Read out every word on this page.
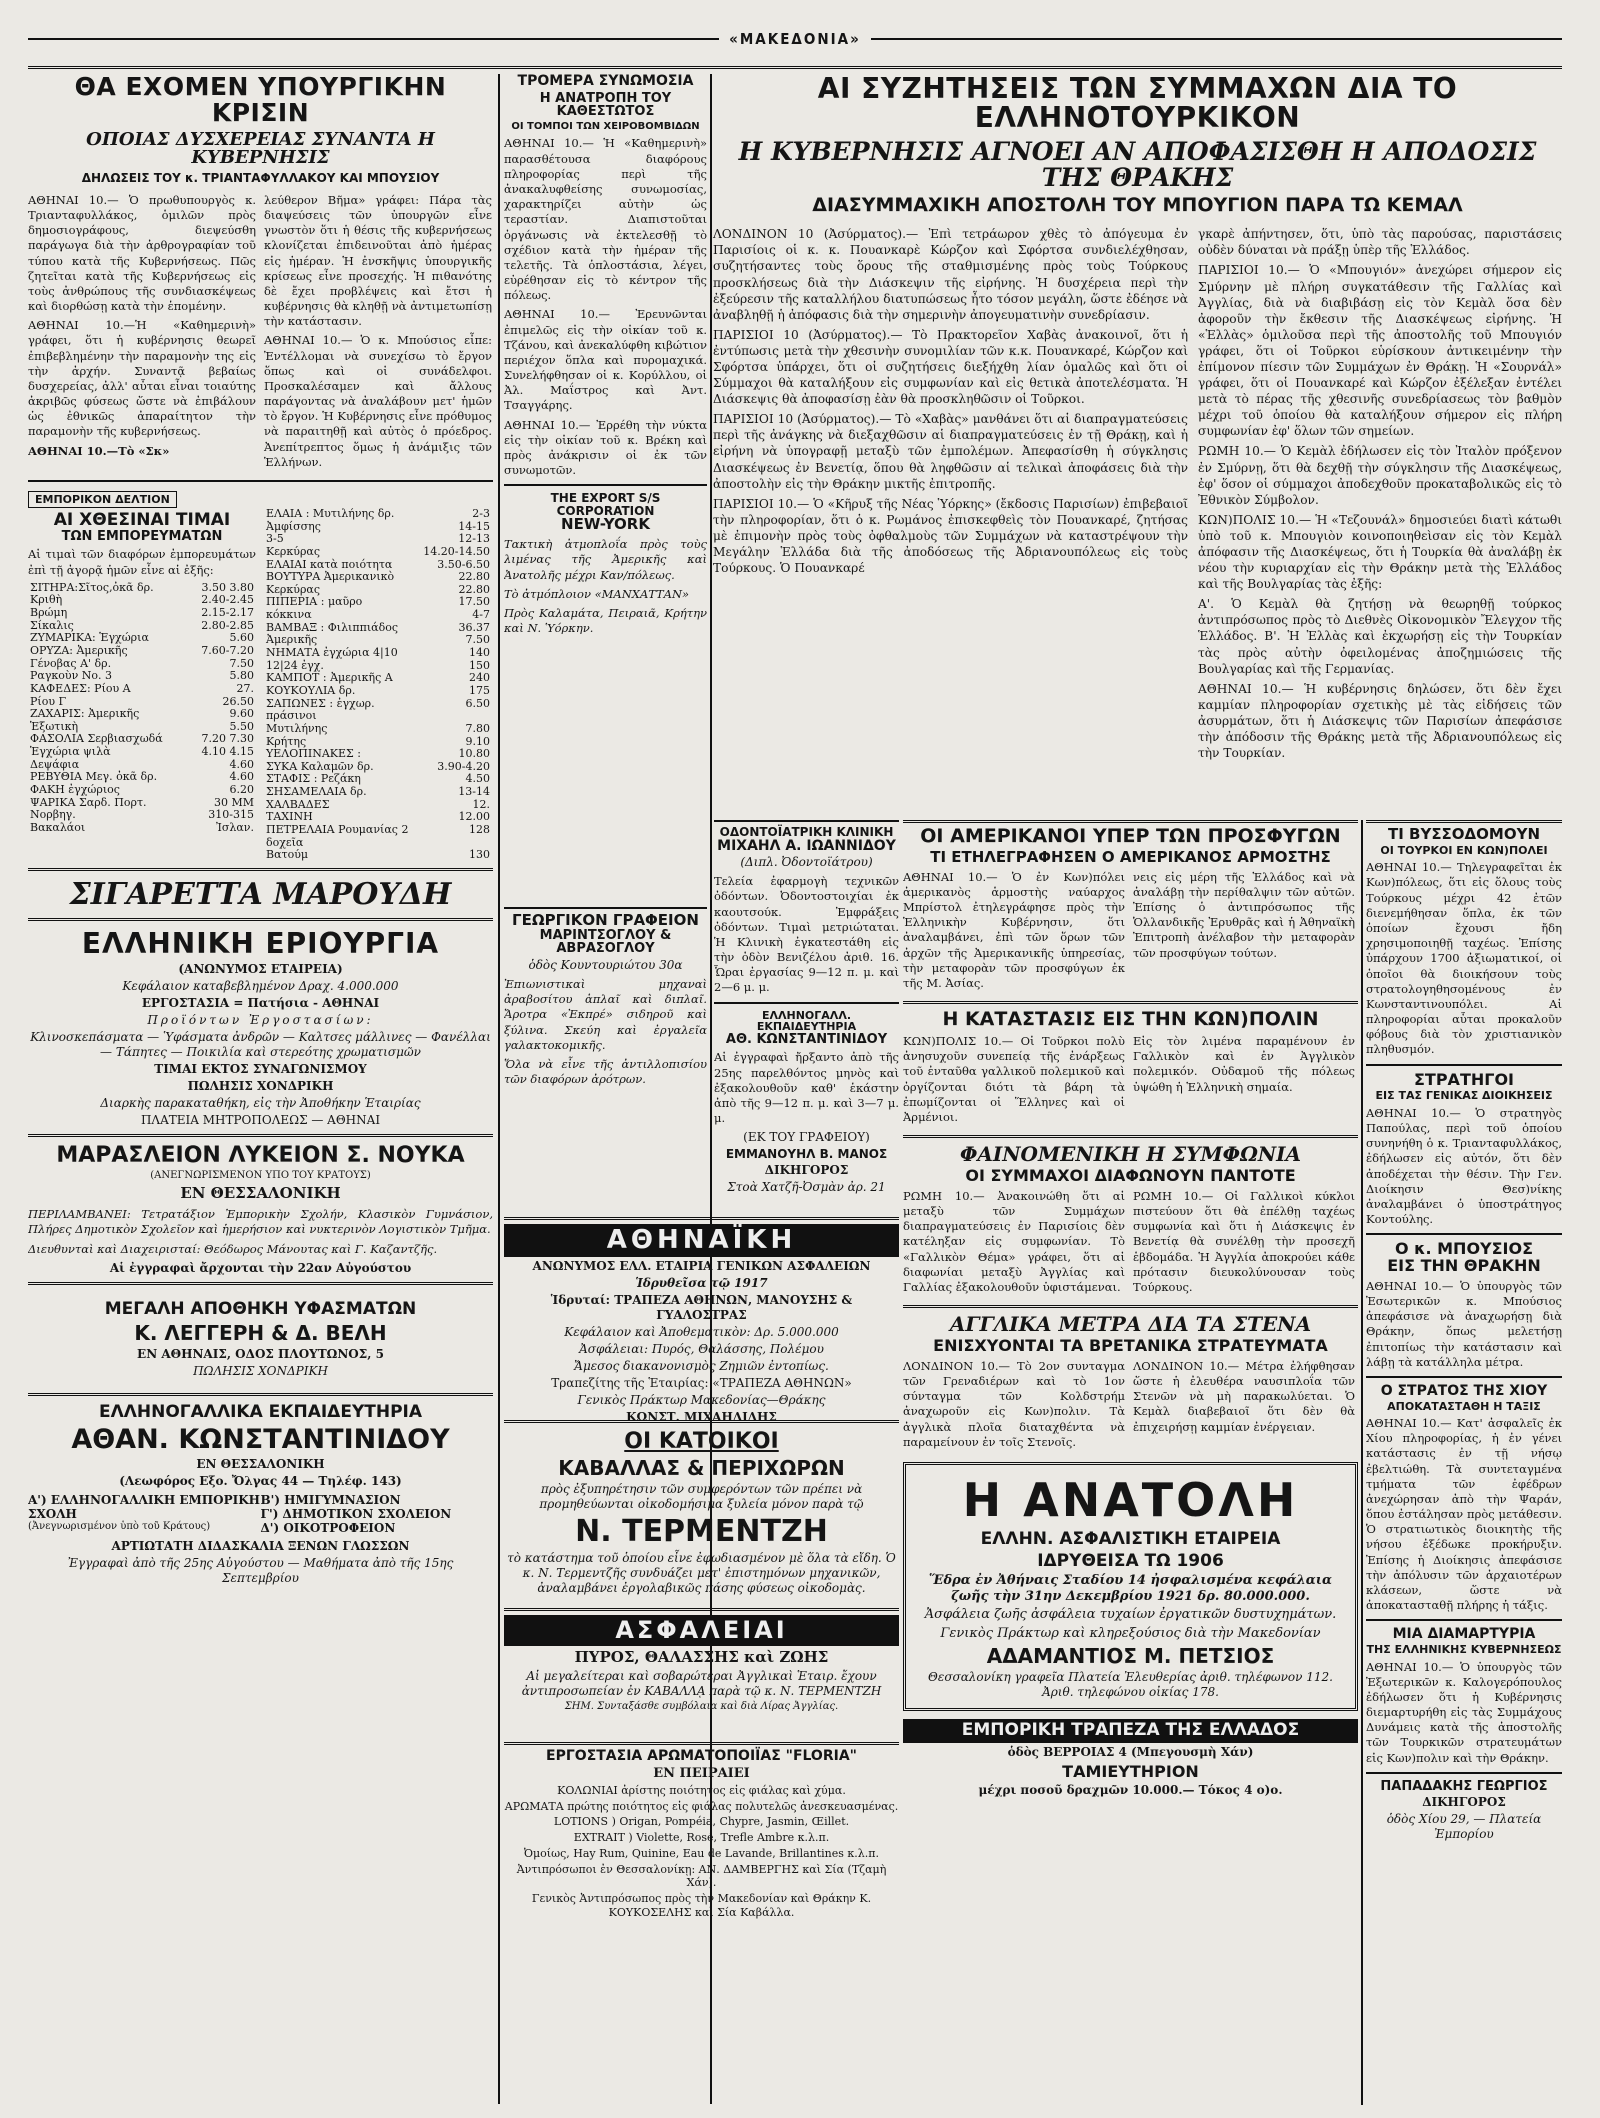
«ΜΑΚΕΔΟΝΙΑ»
ΘΑ ΕΧΟΜΕΝ ΥΠΟΥΡΓΙΚΗΝ ΚΡΙΣΙΝ
ΟΠΟΙΑΣ ΔΥΣΧΕΡΕΙΑΣ ΣΥΝΑΝΤΑ Η ΚΥΒΕΡΝΗΣΙΣ
ΔΗΛΩΣΕΙΣ ΤΟΥ κ. ΤΡΙΑΝΤΑΦΥΛΛΑΚΟΥ ΚΑΙ ΜΠΟΥΣΙΟΥ

ΑΘΗΝΑΙ 10.— Ὁ πρωθυπουργὸς κ. Τριανταφυλλάκος, ὁμιλῶν πρὸς δημοσιογράφους, διεψεύσθη παράγωγα διὰ τὴν ἀρθρογραφίαν τοῦ τύπου κατὰ τῆς Κυβερνήσεως. Πῶς ζητεῖται κατὰ τῆς Κυβερνήσεως εἰς τοὺς ἀνθρώπους τῆς συνδιασκέψεως καὶ διορθώσῃ κατὰ τὴν ἑπομένην.

ΑΘΗΝΑΙ 10.—Ἡ «Καθημερινὴ» γράφει, ὅτι ἡ κυβέρνησις θεωρεῖ ἐπιβεβλημένην τὴν παραμονὴν της εἰς τὴν ἀρχήν. Συναντᾷ βεβαίως δυσχερείας, ἀλλ' αὗται εἶναι τοιαύτης ἀκριβῶς φύσεως ὥστε νὰ ἐπιβάλουν ὡς ἐθνικῶς ἀπαραίτητον τὴν παραμονὴν τῆς κυβερνήσεως.

ΑΘΗΝΑΙ 10.—Τὸ «Σκ»

λεύθερον Βῆμα» γράφει: Πάρα τὰς διαψεύσεις τῶν ὑπουργῶν εἶνε γνωστὸν ὅτι ἡ θέσις τῆς κυβερνήσεως κλονίζεται ἐπιδεινοῦται ἀπὸ ἡμέρας εἰς ἡμέραν. Ἡ ἐνσκῆψις ὑπουργικῆς κρίσεως εἶνε προσεχής. Ἡ πιθανότης δὲ ἔχει προβλέψεις καὶ ἔτσι ἡ κυβέρνησις θὰ κληθῇ νὰ ἀντιμετωπίσῃ τὴν κατάστασιν.

ΑΘΗΝΑΙ 10.— Ὁ κ. Μπούσιος εἶπε: Ἐντέλλομαι νὰ συνεχίσω τὸ ἔργον ὅπως καὶ οἱ συνάδελφοι. Προσκαλέσαμεν καὶ ἄλλους παράγοντας νὰ ἀναλάβουν μετ' ἡμῶν τὸ ἔργον. Ἡ Κυβέρνησις εἶνε πρόθυμος νὰ παραιτηθῇ καὶ αὐτὸς ὁ πρόεδρος. Ἀνεπίτρεπτος ὅμως ἡ ἀνάμιξις τῶν Ἑλλήνων.

ΕΜΠΟΡΙΚΟΝ ΔΕΛΤΙΟΝ
ΑΙ ΧΘΕΣΙΝΑΙ ΤΙΜΑΙ
ΤΩΝ ΕΜΠΟΡΕΥΜΑΤΩΝ

Αἱ τιμαὶ τῶν διαφόρων ἐμπορευμάτων ἐπὶ τῇ ἀγορᾷ ἡμῶν εἶνε αἱ ἐξῆς:

ΣΙΤΗΡΑ:Σῖτος,ὀκᾶ δρ.	3.50 3.80
Κριθὴ	2.40-2.45
Βρώμη	2.15-2.17
Σίκαλις	2.80-2.85
ΖΥΜΑΡΙΚΑ: Ἑγχώρια	5.60
ΟΡΥΖΑ: Ἀμερικῆς	7.60-7.20
Γένοβας Α' δρ.	7.50
Ραγκοὺν Νο. 3	5.80
ΚΑΦΕΔΕΣ: Ρίου Α	27.
Ρίου Γ	26.50
ΖΑΧΑΡΙΣ: Ἀμερικῆς	9.60
Ἑξωτικὴ	5.50
ΦΑΣΟΛΙΑ Σερβιασχωδά	7.20 7.30
Ἑγχώρια ψιλὰ	4.10 4.15
Δεψάφια	4.60
ΡΕΒΥΘΙΑ Μεγ. ὀκᾶ δρ.	4.60
ΦΑΚΗ ἐγχώριος	6.20
ΨΑΡΙΚΑ Σαρδ. Πορτ.	30 ΜΜ
Νορβηγ.	310-315
Βακαλάοι	Ἰσλαν.
ΕΛΑΙΑ : Μυτιλήνης δρ.	2-3
Ἀμφίσσης	14-15
3-5	12-13
Κερκύρας	14.20-14.50
ΕΛΑΙΑΙ κατὰ ποιότητα	3.50-6.50
ΒΟΥΤΥΡΑ Ἀμερικανικὸ	22.80
Κερκύρας	22.80
ΠΙΠΕΡΙΑ : μαῦρο	17.50
κόκκινα	4-7
ΒΑΜΒΑΞ : Φιλιππιάδος	36.37
Ἀμερικῆς	7.50
ΝΗΜΑΤΑ ἐγχώρια 4|10	140
12|24 ἐγχ.	150
ΚΑΜΠΟΤ : Ἀμερικῆς Α	240
ΚΟΥΚΟΥΛΙΑ δρ.	175
ΣΑΠΩΝΕΣ : ἐγχωρ. πράσινοι	6.50
Μυτιλήνης	7.80
Κρήτης	9.10
ΥΕΛΟΠΙΝΑΚΕΣ :	10.80
ΣΥΚΑ Καλαμῶν δρ.	3.90-4.20
ΣΤΑΦΙΣ : Ρεζάκη	4.50
ΣΗΣΑΜΕΛΑΙΑ δρ.	13-14
ΧΑΛΒΑΔΕΣ	12.
ΤΑΧΙΝΗ	12.00
ΠΕΤΡΕΛΑΙΑ Ρουμανίας 2 δοχεῖα	128
Βατούμ	130
ΣΙΓΑΡΕΤΤΑ ΜΑΡΟΥΔΗ
ΕΛΛΗΝΙΚΗ ΕΡΙΟΥΡΓΙΑ
(ΑΝΩΝΥΜΟΣ ΕΤΑΙΡΕΙΑ)
Κεφάλαιον καταβεβλημένον Δραχ. 4.000.000
ΕΡΓΟΣΤΑΣΙΑ = Πατήσια - ΑΘΗΝΑΙ
Προϊόντων Ἐργοστασίων:
Κλινοσκεπάσματα — Ὑφάσματα ἀνδρῶν — Καλτσες μάλλινες — Φανέλλαι — Τάπητες — Ποικιλία καὶ στερεότης χρωματισμῶν
ΤΙΜΑΙ ΕΚΤΟΣ ΣΥΝΑΓΩΝΙΣΜΟΥ
ΠΩΛΗΣΙΣ ΧΟΝΔΡΙΚΗ
Διαρκὴς παρακαταθήκη, εἰς τὴν Ἀποθήκην Ἑταιρίας
ΠΛΑΤΕΙΑ ΜΗΤΡΟΠΟΛΕΩΣ — ΑΘΗΝΑΙ
ΜΑΡΑΣΛΕΙΟΝ ΛΥΚΕΙΟΝ Σ. ΝΟΥΚΑ
(ΑΝΕΓΝΩΡΙΣΜΕΝΟΝ ΥΠΟ ΤΟΥ ΚΡΑΤΟΥΣ)
ΕΝ ΘΕΣΣΑΛΟΝΙΚΗ

ΠΕΡΙΛΑΜΒΑΝΕΙ: Τετρατάξιον Ἐμπορικὴν Σχολήν, Κλασικὸν Γυμνάσιον, Πλήρες Δημοτικὸν Σχολεῖον καὶ ἡμερήσιον καὶ νυκτερινὸν Λογιστικὸν Τμῆμα.

Διευθυνταὶ καὶ Διαχειρισταί: Θεόδωρος Μάνουτας καὶ Γ. Καζαντζῆς.

Αἱ ἐγγραφαὶ ἄρχονται τὴν 22αν Αὐγούστου
ΜΕΓΑΛΗ ΑΠΟΘΗΚΗ ΥΦΑΣΜΑΤΩΝ
Κ. ΛΕΓΓΕΡΗ & Δ. ΒΕΛΗ
ΕΝ ΑΘΗΝΑΙΣ, ΟΔΟΣ ΠΛΟΥΤΩΝΟΣ, 5
ΠΩΛΗΣΙΣ ΧΟΝΔΡΙΚΗ
ΕΛΛΗΝΟΓΑΛΛΙΚΑ ΕΚΠΑΙΔΕΥΤΗΡΙΑ
ΑΘΑΝ. ΚΩΝΣΤΑΝΤΙΝΙΔΟΥ
ΕΝ ΘΕΣΣΑΛΟΝΙΚΗ
(Λεωφόρος Εξο. Ὄλγας 44 — Τηλέφ. 143)
Α') ΕΛΛΗΝΟΓΑΛΛΙΚΗ ΕΜΠΟΡΙΚΗ ΣΧΟΛΗ
(Ἀνεγνωρισμένον ὑπὸ τοῦ Κράτους)
Β') ΗΜΙΓΥΜΝΑΣΙΟΝ
Γ') ΔΗΜΟΤΙΚΟΝ ΣΧΟΛΕΙΟΝ
Δ') ΟΙΚΟΤΡΟΦΕΙΟΝ
ΑΡΤΙΩΤΑΤΗ ΔΙΔΑΣΚΑΛΙΑ ΞΕΝΩΝ ΓΛΩΣΣΩΝ
Ἐγγραφαὶ ἀπὸ τῆς 25ης Αὐγούστου — Μαθήματα ἀπὸ τῆς 15ης Σεπτεμβρίου
ΤΡΟΜΕΡΑ ΣΥΝΩΜΟΣΙΑ
Η ΑΝΑΤΡΟΠΗ ΤΟΥ ΚΑΘΕΣΤΩΤΟΣ
ΟΙ ΤΟΜΠΟΙ ΤΩΝ ΧΕΙΡΟΒΟΜΒΙΔΩΝ

ΑΘΗΝΑΙ 10.— Ἡ «Καθημερινὴ» παρασθέτουσα διαφόρους πληροφορίας περὶ τῆς ἀνακαλυφθείσης συνωμοσίας, χαρακτηρίζει αὐτὴν ὡς τεραστίαν. Διαπιστοῦται ὀργάνωσις νὰ ἐκτελεσθῇ τὸ σχέδιον κατὰ τὴν ἡμέραν τῆς τελετῆς. Τὰ ὁπλοστάσια, λέγει, εὑρέθησαν εἰς τὸ κέντρον τῆς πόλεως.

ΑΘΗΝΑΙ 10.— Ἐρευνῶνται ἐπιμελῶς εἰς τὴν οἰκίαν τοῦ κ. Τζάνου, καὶ ἀνεκαλύφθη κιβώτιον περιέχον ὅπλα καὶ πυρομαχικά. Συνελήφθησαν οἱ κ. Κορύλλου, οἱ Ἀλ. Μαΐστρος καὶ Ἀντ. Τσαγγάρης.

ΑΘΗΝΑΙ 10.— Ἐρρέθη τὴν νύκτα εἰς τὴν οἰκίαν τοῦ κ. Βρέκη καὶ πρὸς ἀνάκρισιν οἱ ἐκ τῶν συνωμοτῶν.

THE EXPORT S/S CORPORATION
NEW-YORK

Τακτικὴ ἀτμοπλοΐα πρὸς τοὺς λιμένας τῆς Ἀμερικῆς καὶ Ἀνατολῆς μέχρι Καν/πόλεως.

Τὸ ἀτμόπλοιον «ΜΑΝΧΑΤΤΑΝ»

Πρὸς Καλαμάτα, Πειραιᾶ, Κρήτην καὶ Ν. Ὑόρκην.

ΓΕΩΡΓΙΚΟΝ ΓΡΑΦΕΙΟΝ
ΜΑΡΙΝΤΣΟΓΛΟΥ & ΑΒΡΑΣΟΓΛΟΥ
ὁδὸς Κουντουριώτου 30α

Ἐπιωνιστικαὶ μηχαναὶ ἀραβοσίτου ἁπλαῖ καὶ διπλαῖ. Ἄροτρα «Ἐκπρέ» σιδηροῦ καὶ ξύλινα. Σκεύη καὶ ἐργαλεῖα γαλακτοκομικῆς.

Ὅλα νὰ εἶνε τῆς ἀντιλλοπισίου τῶν διαφόρων ἀρότρων.

ΑΙ ΣΥΖΗΤΗΣΕΙΣ ΤΩΝ ΣΥΜΜΑΧΩΝ ΔΙΑ ΤΟ ΕΛΛΗΝΟΤΟΥΡΚΙΚΟΝ
Η ΚΥΒΕΡΝΗΣΙΣ ΑΓΝΟΕΙ ΑΝ ΑΠΟΦΑΣΙΣΘΗ Η ΑΠΟΔΟΣΙΣ ΤΗΣ ΘΡΑΚΗΣ
ΔΙΑΣΥΜΜΑΧΙΚΗ ΑΠΟΣΤΟΛΗ ΤΟΥ ΜΠΟΥΓΙΟΝ ΠΑΡΑ ΤΩ ΚΕΜΑΛ

ΛΟΝΔΙΝΟΝ 10 (Ἀσύρματος).— Ἐπὶ τετράωρον χθὲς τὸ ἀπόγευμα ἐν Παρισίοις οἱ κ. κ. Πουανκαρὲ Κώρζον καὶ Σφόρτσα συνδιελέχθησαν, συζητήσαντες τοὺς ὅρους τῆς σταθμισμένης πρὸς τοὺς Τούρκους προσκλήσεως διὰ τὴν Διάσκεψιν τῆς εἰρήνης. Ἡ δυσχέρεια περὶ τὴν ἐξεύρεσιν τῆς καταλλήλου διατυπώσεως ἦτο τόσον μεγάλη, ὥστε ἐδέησε νὰ ἀναβληθῇ ἡ ἀπόφασις διὰ τὴν σημερινὴν ἀπογευματινὴν συνεδρίασιν.

ΠΑΡΙΣΙΟΙ 10 (Ἀσύρματος).— Τὸ Πρακτορεῖον Χαβὰς ἀνακοινοῖ, ὅτι ἡ ἐντύπωσις μετὰ τὴν χθεσινὴν συνομιλίαν τῶν κ.κ. Πουανκαρέ, Κώρζον καὶ Σφόρτσα ὑπάρχει, ὅτι οἱ συζητήσεις διεξήχθη λίαν ὁμαλῶς καὶ ὅτι οἱ Σύμμαχοι θὰ καταλήξουν εἰς συμφωνίαν καὶ εἰς θετικὰ ἀποτελέσματα. Ἡ Διάσκεψις θὰ ἀποφασίσῃ ἐὰν θὰ προσκληθῶσιν οἱ Τοῦρκοι.

ΠΑΡΙΣΙΟΙ 10 (Ἀσύρματος).— Τὸ «Χαβὰς» μανθάνει ὅτι αἱ διαπραγματεύσεις περὶ τῆς ἀνάγκης νὰ διεξαχθῶσιν αἱ διαπραγματεύσεις ἐν τῇ Θράκῃ, καὶ ἡ εἰρήνη νὰ ὑπογραφῇ μεταξὺ τῶν ἐμπολέμων. Ἀπεφασίσθη ἡ σύγκλησις Διασκέψεως ἐν Βενετίᾳ, ὅπου θὰ ληφθῶσιν αἱ τελικαὶ ἀποφάσεις διὰ τὴν ἀποστολὴν εἰς τὴν Θράκην μικτῆς ἐπιτροπῆς.

ΠΑΡΙΣΙΟΙ 10.— Ὁ «Κῆρυξ τῆς Νέας Ὑόρκης» (ἔκδοσις Παρισίων) ἐπιβεβαιοῖ τὴν πληροφορίαν, ὅτι ὁ κ. Ρωμάνος ἐπισκεφθεὶς τὸν Πουανκαρέ, ζητήσας μὲ ἐπιμονὴν πρὸς τοὺς ὀφθαλμοὺς τῶν Συμμάχων νὰ καταστρέψουν τὴν Μεγάλην Ἑλλάδα διὰ τῆς ἀποδόσεως τῆς Ἀδριανουπόλεως εἰς τοὺς Τούρκους. Ὁ Πουανκαρέ

γκαρὲ ἀπήντησεν, ὅτι, ὑπὸ τὰς παρούσας, παριστάσεις οὐδὲν δύναται νὰ πράξῃ ὑπὲρ τῆς Ἑλλάδος.

ΠΑΡΙΣΙΟΙ 10.— Ὁ «Μπουγιόν» ἀνεχώρει σήμερον εἰς Σμύρνην μὲ πλήρη συγκατάθεσιν τῆς Γαλλίας καὶ Ἀγγλίας, διὰ νὰ διαβιβάσῃ εἰς τὸν Κεμὰλ ὅσα δὲν ἀφοροῦν τὴν ἔκθεσιν τῆς Διασκέψεως εἰρήνης. Ἡ «Ἑλλὰς» ὁμιλοῦσα περὶ τῆς ἀποστολῆς τοῦ Μπουγιόν γράφει, ὅτι οἱ Τοῦρκοι εὑρίσκουν ἀντικειμένην τὴν ἐπίμονον πίεσιν τῶν Συμμάχων ἐν Θράκῃ. Ἡ «Σουρνάλ» γράφει, ὅτι οἱ Πουανκαρέ καὶ Κώρζον ἐξέλεξαν ἐντέλει μετὰ τὸ πέρας τῆς χθεσινῆς συνεδρίασεως τὸν βαθμὸν μέχρι τοῦ ὁποίου θὰ καταλήξουν σήμερον εἰς πλήρη συμφωνίαν ἐφ' ὅλων τῶν σημείων.

ΡΩΜΗ 10.— Ὁ Κεμὰλ ἐδήλωσεν εἰς τὸν Ἰταλὸν πρόξενον ἐν Σμύρνῃ, ὅτι θὰ δεχθῇ τὴν σύγκλησιν τῆς Διασκέψεως, ἐφ' ὅσον οἱ σύμμαχοι ἀποδεχθοῦν προκαταβολικῶς εἰς τὸ Ἐθνικὸν Σύμβολον.

ΚΩΝ)ΠΟΛΙΣ 10.— Ἡ «Τεζουνάλ» δημοσιεύει διατὶ κάτωθι ὑπὸ τοῦ κ. Μπουγιὸν κοινοποιηθεὶσαν εἰς τὸν Κεμὰλ ἀπόφασιν τῆς Διασκέψεως, ὅτι ἡ Τουρκία θὰ ἀναλάβῃ ἐκ νέου τὴν κυριαρχίαν εἰς τὴν Θράκην μετὰ τὴς Ἑλλάδος καὶ τῆς Βουλγαρίας τὰς ἐξῆς:

Α'. Ὁ Κεμὰλ θὰ ζητήσῃ νὰ θεωρηθῇ τούρκος ἀντιπρόσωπος πρὸς τὸ Διεθνὲς Οἰκονομικὸν Ἔλεγχον τῆς Ἑλλάδος. Β'. Ἡ Ἑλλὰς καὶ ἐκχωρήσῃ εἰς τὴν Τουρκίαν τὰς πρὸς αὐτὴν ὀφειλομένας ἀποζημιώσεις τῆς Βουλγαρίας καὶ τῆς Γερμανίας.

ΑΘΗΝΑΙ 10.— Ἡ κυβέρνησις δηλώσεν, ὅτι δὲν ἔχει καμμίαν πληροφορίαν σχετικὴς μὲ τὰς εἰδήσεις τῶν ἀσυρμάτων, ὅτι ἡ Διάσκεψις τῶν Παρισίων ἀπεφάσισε τὴν ἀπόδοσιν τῆς Θράκης μετὰ τῆς Ἀδριανουπόλεως εἰς τὴν Τουρκίαν.

ΟΔΟΝΤΟΪΑΤΡΙΚΗ ΚΛΙΝΙΚΗ
ΜΙΧΑΗΛ Α. ΙΩΑΝΝΙΔΟΥ
(Διπλ. Ὀδοντοϊάτρου)

Τελεία ἐφαρμογὴ τεχνικῶν ὀδόντων. Ὀδοντοστοιχίαι ἐκ καουτσούκ. Ἐμφράξεις ὀδόντων. Τιμαὶ μετριώταται. Ἡ Κλινικὴ ἐγκατεστάθη εἰς τὴν ὁδὸν Βενιζέλου ἀριθ. 16. Ὧραι ἐργασίας 9—12 π. μ. καὶ 2—6 μ. μ.

ΕΛΛΗΝΟΓΑΛΛ. ΕΚΠΑΙΔΕΥΤΗΡΙΑ
ΑΘ. ΚΩΝΣΤΑΝΤΙΝΙΔΟΥ

Αἱ ἐγγραφαὶ ἤρξαντο ἀπὸ τῆς 25ης παρελθόντος μηνὸς καὶ ἐξακολουθοῦν καθ' ἑκάστην ἀπὸ τῆς 9—12 π. μ. καὶ 3—7 μ. μ.

(ΕΚ ΤΟΥ ΓΡΑΦΕΙΟΥ)
ΕΜΜΑΝΟΥΗΛ Β. ΜΑΝΟΣ
ΔΙΚΗΓΟΡΟΣ
Στοὰ Χατζῆ-Ὀσμὰν ἀρ. 21
ΑΘΗΝΑΪΚΗ
ΑΝΩΝΥΜΟΣ ΕΛΛ. ΕΤΑΙΡΙΑ ΓΕΝΙΚΩΝ ΑΣΦΑΛΕΙΩΝ
Ἱδρυθεῖσα τῷ 1917
Ἱδρυταί: ΤΡΑΠΕΖΑ ΑΘΗΝΩΝ, ΜΑΝΟΥΣΗΣ & ΓΥΑΛΟΣΤΡΑΣ
Κεφάλαιον καὶ Ἀποθεματικὸν: Δρ. 5.000.000
Ἀσφάλειαι: Πυρός, Θαλάσσης, Πολέμου
Ἄμεσος διακανονισμὸς Ζημιῶν ἐντοπίως.
Τραπεζίτης τῆς Ἑταιρίας: «ΤΡΑΠΕΖΑ ΑΘΗΝΩΝ»
Γενικὸς Πράκτωρ Μακεδονίας—Θράκης
ΚΩΝΣΤ. ΜΙΧΑΗΛΙΔΗΣ
ΟΙ ΚΑΤΟΙΚΟΙ
ΚΑΒΑΛΛΑΣ & ΠΕΡΙΧΩΡΩΝ
πρὸς ἐξυπηρέτησιν τῶν συμφερόντων τῶν πρέπει νὰ προμηθεύωνται οἰκοδομήσιμα ξυλεία μόνον παρὰ τῷ
Ν. ΤΕΡΜΕΝΤΖΗ
τὸ κατάστημα τοῦ ὁποίου εἶνε ἐφωδιασμένον μὲ ὅλα τὰ εἴδη. Ὁ κ. Ν. Τερμεντζῆς συνδυάζει μετ' ἐπιστημόνων μηχανικῶν, ἀναλαμβάνει ἐργολαβικῶς πάσης φύσεως οἰκοδομὰς.
ΑΣΦΑΛΕΙΑΙ
ΠΥΡΟΣ, ΘΑΛΑΣΣΗΣ καὶ ΖΩΗΣ
Αἱ μεγαλείτεραι καὶ σοβαρώτεραι Ἀγγλικαὶ Ἑταιρ. ἔχουν ἀντιπροσωπείαν ἐν ΚΑΒΑΛΛᾼ παρὰ τῷ κ. Ν. ΤΕΡΜΕΝΤΖΗ
ΣΗΜ. Συνταξάσθε συμβόλαια καὶ διὰ Λίρας Ἀγγλίας.
ΕΡΓΟΣΤΑΣΙΑ ΑΡΩΜΑΤΟΠΟΙΪΑΣ "FLORIA"
ΕΝ ΠΕΙΡΑΙΕΙ
ΚΟΛΩΝΙΑΙ ἀρίστης ποιότητος εἰς φιάλας καὶ χύμα.
ΑΡΩΜΑΤΑ πρώτης ποιότητος εἰς φιάλας πολυτελῶς ἀνεσκευασμένας.
LOTIONS ) Origan, Pompéia, Chypre, Jasmin, Œillet.
EXTRAIT ) Violette, Rosé, Trefle Ambre κ.λ.π.
Ὀμοίως, Hay Rum, Quinine, Eau de Lavande, Brillantines κ.λ.π.
Ἀντιπρόσωποι ἐν Θεσσαλονίκῃ: ΑΝ. ΔΑΜΒΕΡΓΗΣ καὶ Σία (Τζαμὴ Χάν).
Γενικὸς Ἀντιπρόσωπος πρὸς τὴν Μακεδονίαν καὶ Θράκην Κ. ΚΟΥΚΟΣΕΛΗΣ καὶ Σία Καβάλλα.
ΟΙ ΑΜΕΡΙΚΑΝΟΙ ΥΠΕΡ ΤΩΝ ΠΡΟΣΦΥΓΩΝ
ΤΙ ΕΤΗΛΕΓΡΑΦΗΣΕΝ Ο ΑΜΕΡΙΚΑΝΟΣ ΑΡΜΟΣΤΗΣ

ΑΘΗΝΑΙ 10.— Ὁ ἐν Κων)πόλει ἀμερικανὸς ἁρμοστὴς ναύαρχος Μπρίστολ ἐτηλεγράφησε πρὸς τὴν Ἑλληνικὴν Κυβέρνησιν, ὅτι ἀναλαμβάνει, ἐπὶ τῶν ὅρων τῶν ἀρχῶν τῆς Ἀμερικανικῆς ὑπηρεσίας, τὴν μεταφορὰν τῶν προσφύγων ἐκ τῆς Μ. Ἀσίας.

νεις εἰς μέρη τῆς Ἑλλάδος καὶ νὰ ἀναλάβῃ τὴν περίθαλψιν τῶν αὐτῶν. Ἐπίσης ὁ ἀντιπρόσωπος τῆς Ὁλλανδικῆς Ἐρυθρᾶς καὶ ἡ Ἀθηναϊκὴ Ἐπιτροπὴ ἀνέλαβον τὴν μεταφορὰν τῶν προσφύγων τούτων.

Η ΚΑΤΑΣΤΑΣΙΣ ΕΙΣ ΤΗΝ ΚΩΝ)ΠΟΛΙΝ

ΚΩΝ)ΠΟΛΙΣ 10.— Οἱ Τοῦρκοι πολὺ ἀνησυχοῦν συνεπείᾳ τῆς ἐνάρξεως τοῦ ἐνταῦθα γαλλικοῦ πολεμικοῦ καὶ ὀργίζονται διότι τὰ βάρη τὰ ἐπωμίζονται οἱ Ἕλληνες καὶ οἱ Ἀρμένιοι.

Εἰς τὸν λιμένα παραμένουν ἐν Γαλλικὸν καὶ ἐν Ἀγγλικὸν πολεμικόν. Οὐδαμοῦ τῆς πόλεως ὑψώθη ἡ Ἑλληνικὴ σημαία.

ΦΑΙΝΟΜΕΝΙΚΗ Η ΣΥΜΦΩΝΙΑ
ΟΙ ΣΥΜΜΑΧΟΙ ΔΙΑΦΩΝΟΥΝ ΠΑΝΤΟΤΕ

ΡΩΜΗ 10.— Ἀνακοινώθη ὅτι αἱ μεταξὺ τῶν Συμμάχων διαπραγματεύσεις ἐν Παρισίοις δὲν κατέληξαν εἰς συμφωνίαν. Τὸ «Γαλλικὸν Θέμα» γράφει, ὅτι αἱ διαφωνίαι μεταξὺ Ἀγγλίας καὶ Γαλλίας ἐξακολουθοῦν ὑφιστάμεναι.

ΡΩΜΗ 10.— Οἱ Γαλλικοὶ κύκλοι πιστεύουν ὅτι θὰ ἐπέλθῃ ταχέως συμφωνία καὶ ὅτι ἡ Διάσκεψις ἐν Βενετίᾳ θὰ συνέλθῃ τὴν προσεχῆ ἑβδομάδα. Ἡ Ἀγγλία ἀποκρούει κάθε πρότασιν διευκολύνουσαν τοὺς Τούρκους.

ΑΓΓΛΙΚΑ ΜΕΤΡΑ ΔΙΑ ΤΑ ΣΤΕΝΑ
ΕΝΙΣΧΥΟΝΤΑΙ ΤΑ ΒΡΕΤΑΝΙΚΑ ΣΤΡΑΤΕΥΜΑΤΑ

ΛΟΝΔΙΝΟΝ 10.— Τὸ 2ον συνταγμα τῶν Γρεναδιέρων καὶ τὸ 1ον σύνταγμα τῶν Κολδστρήμ ἀναχωροῦν εἰς Κων)πολιν. Τὰ ἀγγλικὰ πλοῖα διαταχθέντα νὰ παραμείνουν ἐν τοῖς Στενοῖς.

ΛΟΝΔΙΝΟΝ 10.— Μέτρα ἐλήφθησαν ὥστε ἡ ἐλευθέρα ναυσιπλοΐα τῶν Στενῶν νὰ μὴ παρακωλύεται. Ὁ Κεμὰλ διαβεβαιοῖ ὅτι δὲν θὰ ἐπιχειρήσῃ καμμίαν ἐνέργειαν.

Η ΑΝΑΤΟΛΗ
ΕΛΛΗΝ. ΑΣΦΑΛΙΣΤΙΚΗ ΕΤΑΙΡΕΙΑ
ΙΔΡΥΘΕΙΣΑ ΤΩ 1906
Ἕδρα ἐν Ἀθήναις Σταδίου 14 ἠσφαλισμένα κεφάλαια ζωῆς τὴν 31ην Δεκεμβρίου 1921 δρ. 80.000.000.
Ἀσφάλεια ζωῆς ἀσφάλεια τυχαίων ἐργατικῶν δυστυχημάτων.
Γενικὸς Πράκτωρ καὶ κληρεξούσιος διὰ τὴν Μακεδονίαν
ΑΔΑΜΑΝΤΙΟΣ Μ. ΠΕΤΣΙΟΣ
Θεσσαλονίκη γραφεῖα Πλατεία Ἐλευθερίας ἀριθ. τηλέφωνον 112. Ἀριθ. τηλεφώνου οἰκίας 178.
ΕΜΠΟΡΙΚΗ ΤΡΑΠΕΖΑ ΤΗΣ ΕΛΛΑΔΟΣ
ὁδὸς ΒΕΡΡΟΙΑΣ 4 (Μπεγουσμὴ Χάν)
ΤΑΜΙΕΥΤΗΡΙΟΝ
μέχρι ποσοῦ δραχμῶν 10.000.— Τόκος 4 ο)ο.
ΤΙ ΒΥΣΣΟΔΟΜΟΥΝ
ΟΙ ΤΟΥΡΚΟΙ ΕΝ ΚΩΝ)ΠΟΛΕΙ

ΑΘΗΝΑΙ 10.— Τηλεγραφεῖται ἐκ Κων)πόλεως, ὅτι εἰς ὅλους τοὺς Τούρκους μέχρι 42 ἐτῶν διενεμήθησαν ὅπλα, ἐκ τῶν ὁποίων ἔχουσι ἤδη χρησιμοποιηθῇ ταχέως. Ἐπίσης ὑπάρχουν 1700 ἀξιωματικοί, οἱ ὁποῖοι θὰ διοικήσουν τοὺς στρατολογηθησομένους ἐν Κωνσταντινουπόλει. Αἱ πληροφορίαι αὗται προκαλοῦν φόβους διὰ τὸν χριστιανικὸν πληθυσμόν.

ΣΤΡΑΤΗΓΟΙ
ΕΙΣ ΤΑΣ ΓΕΝΙΚΑΣ ΔΙΟΙΚΗΣΕΙΣ

ΑΘΗΝΑΙ 10.— Ὁ στρατηγὸς Παπούλας, περὶ τοῦ ὁποίου συνηνήθη ὁ κ. Τριανταφυλλάκος, ἐδήλωσεν εἰς αὐτόν, ὅτι δὲν ἀποδέχεται τὴν θέσιν. Τὴν Γεν. Διοίκησιν Θεσ)νίκης ἀναλαμβάνει ὁ ὑποστράτηγος Κοντούλης.

Ο κ. ΜΠΟΥΣΙΟΣ
ΕΙΣ ΤΗΝ ΘΡΑΚΗΝ

ΑΘΗΝΑΙ 10.— Ὁ ὑπουργὸς τῶν Ἐσωτερικῶν κ. Μπούσιος ἀπεφάσισε νὰ ἀναχωρήσῃ διὰ Θράκην, ὅπως μελετήσῃ ἐπιτοπίως τὴν κατάστασιν καὶ λάβῃ τὰ κατάλληλα μέτρα.

Ο ΣΤΡΑΤΟΣ ΤΗΣ ΧΙΟΥ
ΑΠΟΚΑΤΑΣΤΑΘΗ Η ΤΑΞΙΣ

ΑΘΗΝΑΙ 10.— Κατ' ἀσφαλεῖς ἐκ Χίου πληροφορίας, ἡ ἐν γένει κατάστασις ἐν τῇ νήσῳ ἐβελτιώθη. Τὰ συντεταγμένα τμήματα τῶν ἐφέδρων ἀνεχώρησαν ἀπὸ τὴν Ψαράν, ὅπου ἐστάλησαν πρὸς μετάθεσιν. Ὁ στρατιωτικὸς διοικητὴς τῆς νήσου ἐξέδωκε προκήρυξιν. Ἐπίσης ἡ Διοίκησις ἀπεφάσισε τὴν ἀπόλυσιν τῶν ἀρχαιοτέρων κλάσεων, ὥστε νὰ ἀποκατασταθῇ πλήρης ἡ τάξις.

ΜΙΑ ΔΙΑΜΑΡΤΥΡΙΑ
ΤΗΣ ΕΛΛΗΝΙΚΗΣ ΚΥΒΕΡΝΗΣΕΩΣ

ΑΘΗΝΑΙ 10.— Ὁ ὑπουργὸς τῶν Ἐξωτερικῶν κ. Καλογερόπουλος ἐδήλωσεν ὅτι ἡ Κυβέρνησις διεμαρτυρήθη εἰς τὰς Συμμάχους Δυνάμεις κατὰ τῆς ἀποστολῆς τῶν Τουρκικῶν στρατευμάτων εἰς Κων)πολιν καὶ τὴν Θράκην.

ΠΑΠΑΔΑΚΗΣ ΓΕΩΡΓΙΟΣ
ΔΙΚΗΓΟΡΟΣ
ὁδὸς Χίου 29, — Πλατεία Ἐμπορίου
